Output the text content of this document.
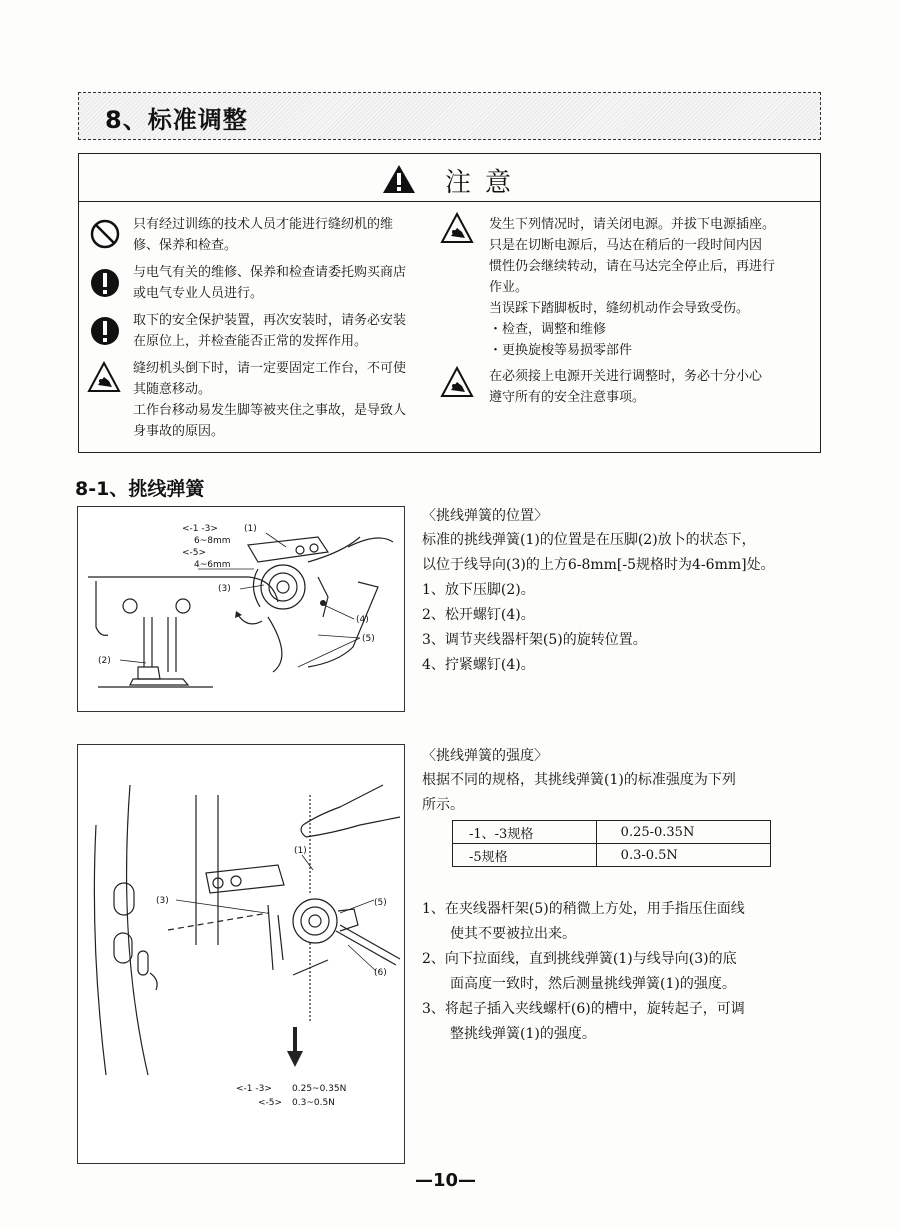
8、标准调整
注意
只有经过训练的技术人员才能进行缝纫机的维
修、保养和检查。
与电气有关的维修、保养和检查请委托购买商店
或电气专业人员进行。
取下的安全保护装置，再次安装时，请务必安装
在原位上，并检查能否正常的发挥作用。
缝纫机头倒下时，请一定要固定工作台，不可使
其随意移动。
工作台移动易发生脚等被夹住之事故，是导致人
身事故的原因。
发生下列情况时，请关闭电源。并拔下电源插座。
只是在切断电源后，马达在稍后的一段时间内因
惯性仍会继续转动，请在马达完全停止后，再进行
作业。
当误踩下踏脚板时，缝纫机动作会导致受伤。
・检查，调整和维修
・更换旋梭等易损零部件
在必须接上电源开关进行调整时，务必十分小心
遵守所有的安全注意事项。
8-1、挑线弹簧
<-1 -3>
6~8mm
<-5>
4~6mm
(1)
(3)
(4)
(5)
(2)
〈挑线弹簧的位置〉
标准的挑线弹簧(1)的位置是在压脚(2)放卜的状态下，
以位于线导向(3)的上方6-8mm[-5规格时为4-6mm]处。
1、放下压脚(2)。
2、松开螺钉(4)。
3、调节夹线器杆架(5)的旋转位置。
4、拧紧螺钉(4)。
(1)
(3)	(5)
(6)
<-1 -3> 0.25~0.35N
<-5> 0.3~0.5N
〈挑线弹簧的强度〉
根据不同的规格，其挑线弹簧(1)的标准强度为下列
所示。
-1、-3规格	0.25-0.35N
-5规格	0.3-0.5N
1、在夹线器杆架(5)的稍微上方处，用手指压住面线
使其不要被拉出来。
2、向下拉面线，直到挑线弹簧(1)与线导向(3)的底
面高度一致时，然后测量挑线弹簧(1)的强度。
3、将起子插入夹线螺杆(6)的槽中，旋转起子，可调
整挑线弹簧(1)的强度。
—10—
